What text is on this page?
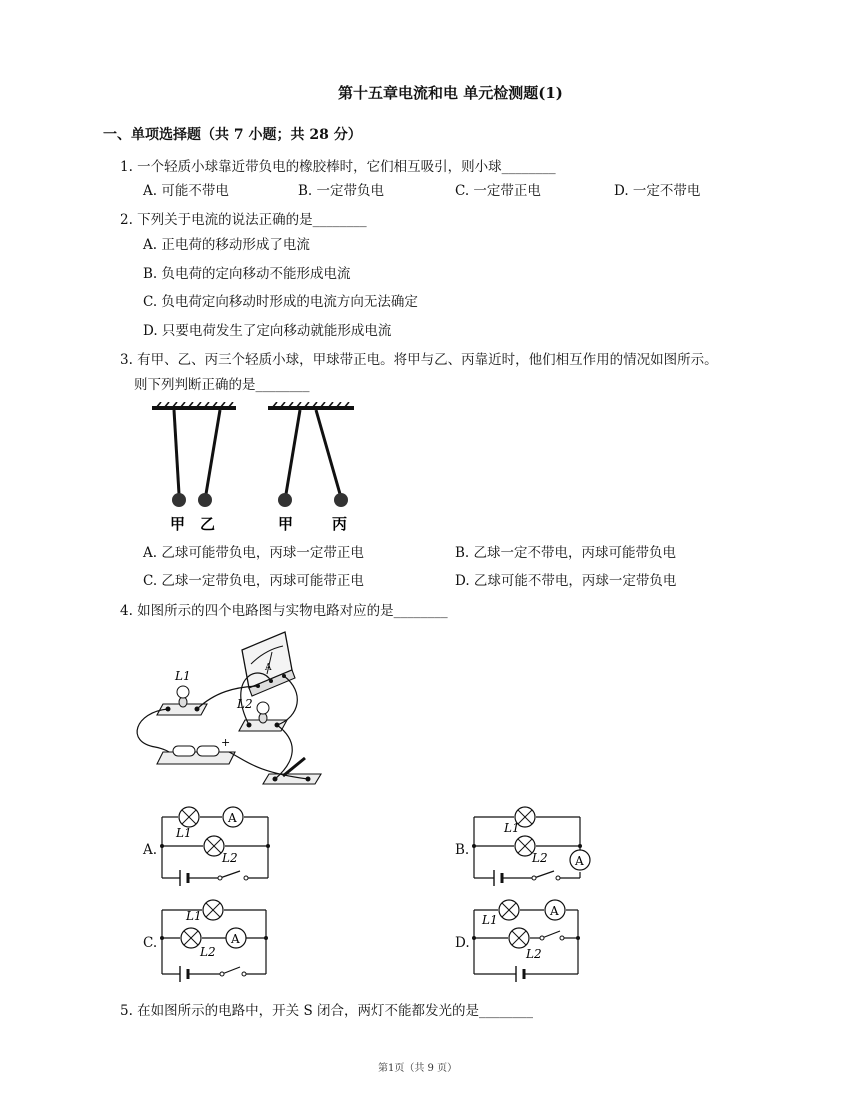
第十五章电流和电 单元检测题(1)
一、单项选择题（共 7 小题；共 28 分）
1. 一个轻质小球靠近带负电的橡胶棒时，它们相互吸引，则小球________
A. 可能不带电	B. 一定带负电	C. 一定带正电	D. 一定不带电
2. 下列关于电流的说法正确的是________
A. 正电荷的移动形成了电流
B. 负电荷的定向移动不能形成电流
C. 负电荷定向移动时形成的电流方向无法确定
D. 只要电荷发生了定向移动就能形成电流
3. 有甲、乙、丙三个轻质小球，甲球带正电。将甲与乙、丙靠近时，他们相互作用的情况如图所示。
则下列判断正确的是________
甲 乙	甲	丙
A. 乙球可能带负电，丙球一定带正电	B. 乙球一定不带电，丙球可能带负电
C. 乙球一定带负电，丙球可能带正电	D. 乙球可能不带电，丙球一定带负电
4. 如图所示的四个电路图与实物电路对应的是________
A
L1
L2
+
A.
A
L1
L2	B.
A
L1
L2
C.	A
L1
L2
D.
A
L1
L2
5. 在如图所示的电路中，开关 S 闭合，两灯不能都发光的是________
第1页（共 9 页）
